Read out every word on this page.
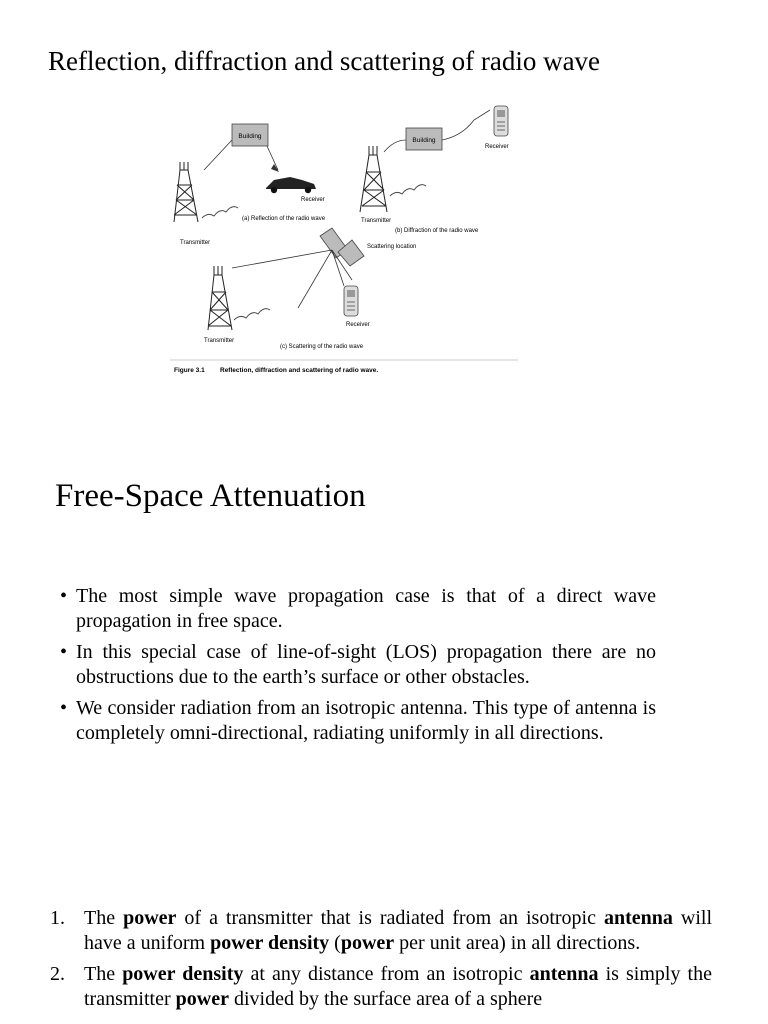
Reflection, diffraction and scattering of radio wave
Building
Receiver
Transmitter
(a) Reflection of the radio wave
Building
Receiver
Transmitter
(b) Diffraction of the radio wave
Scattering location
Receiver
Transmitter
(c) Scattering of the radio wave
Figure 3.1 Reflection, diffraction and scattering of radio wave.
Free-Space Attenuation
• The most simple wave propagation case is that of a direct wave propagation in free space.
• In this special case of line-of-sight (LOS) propagation there are no obstructions due to the earth’s surface or other obstacles.
• We consider radiation from an isotropic antenna. This type of antenna is completely omni-directional, radiating uniformly in all directions.
1. The power of a transmitter that is radiated from an isotropic antenna will have a uniform power density (power per unit area) in all directions.
2. The power density at any distance from an isotropic antenna is simply the transmitter power divided by the surface area of a sphere
